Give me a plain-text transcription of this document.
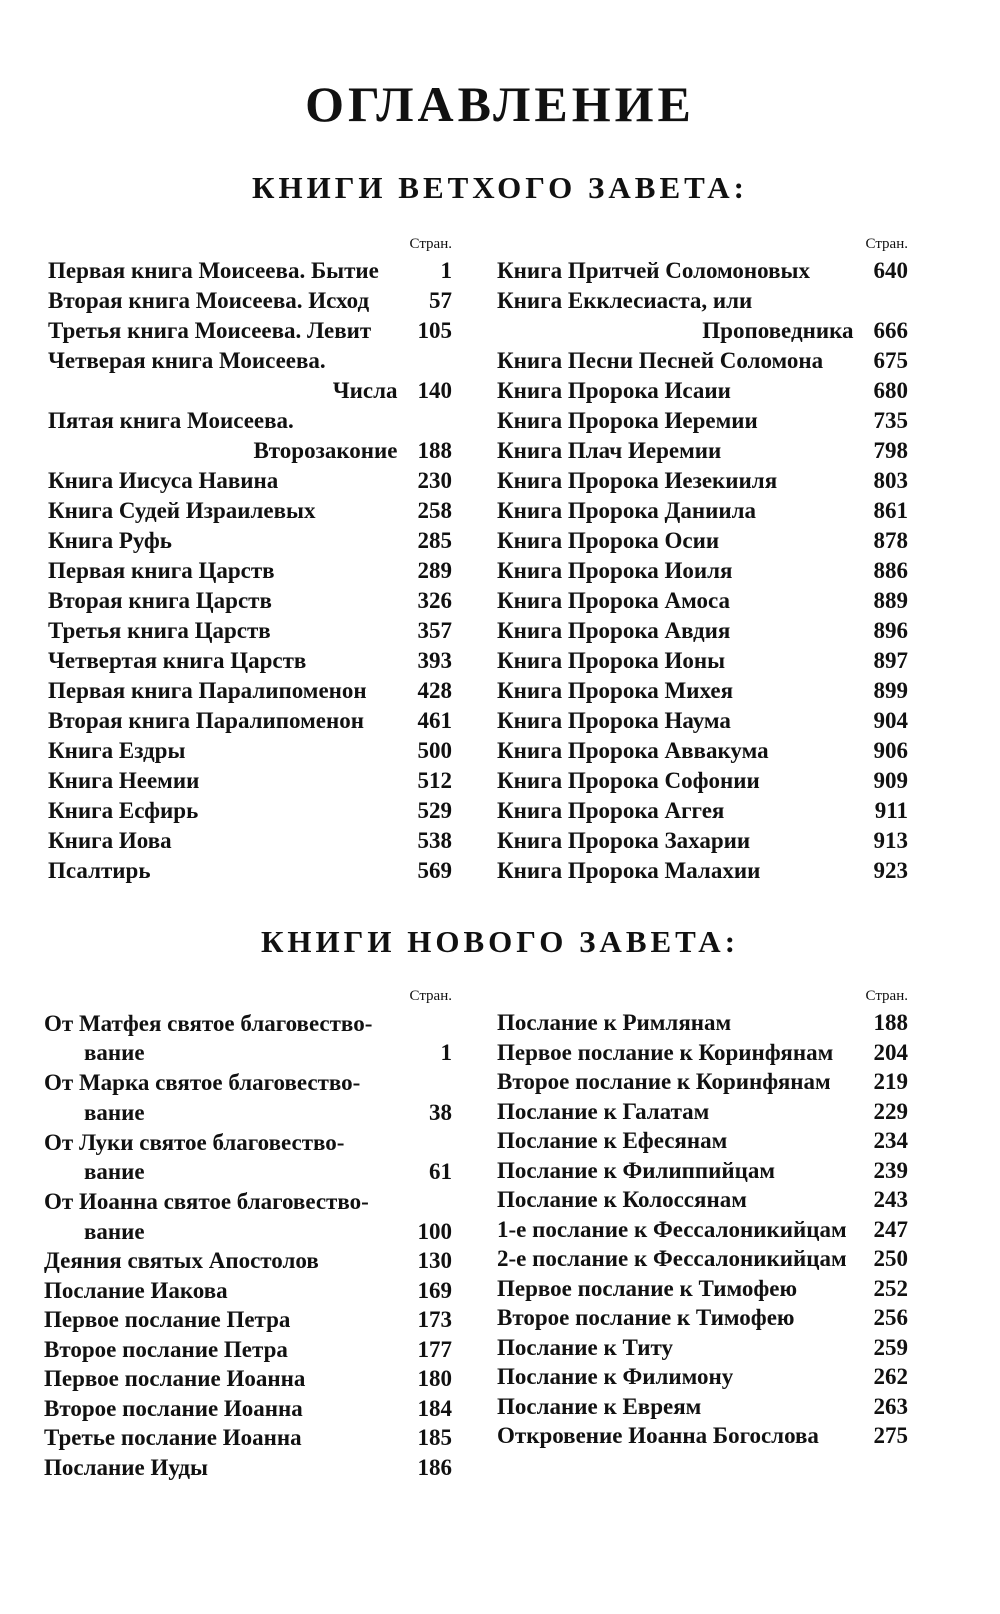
ОГЛАВЛЕНИЕ
КНИГИ ВЕТХОГО ЗАВЕТА:
Стран.
Первая книга Моисеева. Бытие	1
Вторая книга Моисеева. Исход	57
Третья книга Моисеева. Левит 105
Четверая книга Моисеева.
Числа 140
Пятая книга Моисеева.
Второзаконие 188
Книга Иисуса Навина	230
Книга Судей Израилевых	258
Книга Руфь	285
Первая книга Царств	289
Вторая книга Царств	326
Третья книга Царств	357
Четвертая книга Царств	393
Первая книга Паралипоменон 428
Вторая книга Паралипоменон 461
Книга Ездры	500
Книга Неемии	512
Книга Есфирь	529
Книга Иова	538
Псалтирь	569
Стран.
Книга Притчей Соломоновых	640
Книга Екклесиаста, или
Проповедника 666
Книга Песни Песней Соломона 675
Книга Пророка Исаии	680
Книга Пророка Иеремии	735
Книга Плач Иеремии	798
Книга Пророка Иезекииля	803
Книга Пророка Даниила	861
Книга Пророка Осии	878
Книга Пророка Иоиля	886
Книга Пророка Амоса	889
Книга Пророка Авдия	896
Книга Пророка Ионы	897
Книга Пророка Михея	899
Книга Пророка Наума	904
Книга Пророка Аввакума	906
Книга Пророка Софонии	909
Книга Пророка Аггея	911
Книга Пророка Захарии	913
Книга Пророка Малахии	923
КНИГИ НОВОГО ЗАВЕТА:
Стран.
От Матфея святое благовество-
вание	1
От Марка святое благовество-
вание	38
От Луки святое благовество-
вание	61
От Иоанна святое благовество-
вание	100
Деяния святых Апостолов	130
Послание Иакова	169
Первое послание Петра	173
Второе послание Петра	177
Первое послание Иоанна	180
Второе послание Иоанна	184
Третье послание Иоанна	185
Послание Иуды	186
Стран.
Послание к Римлянам	188
Первое послание к Коринфянам 204
Второе послание к Коринфянам 219
Послание к Галатам	229
Послание к Ефесянам	234
Послание к Филиппийцам	239
Послание к Колоссянам	243
1-е послание к Фессалоникийцам 247
2-е послание к Фессалоникийцам 250
Первое послание к Тимофею	252
Второе послание к Тимофею	256
Послание к Титу	259
Послание к Филимону	262
Послание к Евреям	263
Откровение Иоанна Богослова 275
